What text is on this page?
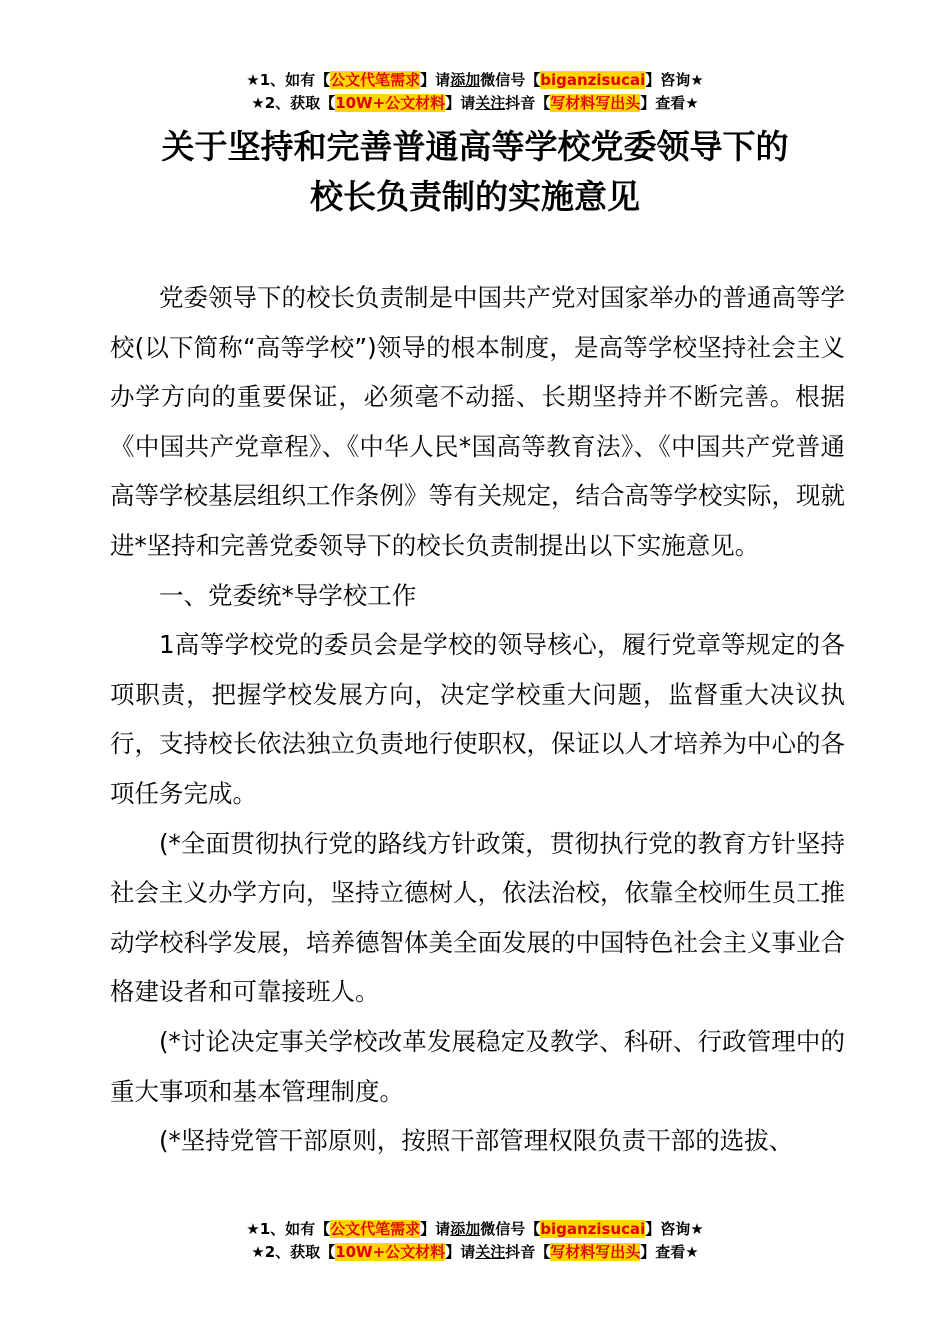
★1、如有【公文代笔需求】请添加微信号【biganzisucai】咨询★
★2、获取【10W+公文材料】请关注抖音【写材料写出头】查看★
关于坚持和完善普通高等学校党委领导下的
校长负责制的实施意见

党委领导下的校长负责制是中国共产党对国家举办的普通高等学校(以下简称“高等学校”)领导的根本制度，是高等学校坚持社会主义办学方向的重要保证，必须毫不动摇、长期坚持并不断完善。根据《中国共产党章程》、《中华人民*国高等教育法》、《中国共产党普通高等学校基层组织工作条例》等有关规定，结合高等学校实际，现就进*坚持和完善党委领导下的校长负责制提出以下实施意见。

一、党委统*导学校工作

1高等学校党的委员会是学校的领导核心，履行党章等规定的各项职责，把握学校发展方向，决定学校重大问题，监督重大决议执行，支持校长依法独立负责地行使职权，保证以人才培养为中心的各项任务完成。

(*全面贯彻执行党的路线方针政策，贯彻执行党的教育方针坚持社会主义办学方向，坚持立德树人，依法治校，依靠全校师生员工推动学校科学发展，培养德智体美全面发展的中国特色社会主义事业合格建设者和可靠接班人。

(*讨论决定事关学校改革发展稳定及教学、科研、行政管理中的重大事项和基本管理制度。

(*坚持党管干部原则，按照干部管理权限负责干部的选拔、

★1、如有【公文代笔需求】请添加微信号【biganzisucai】咨询★
★2、获取【10W+公文材料】请关注抖音【写材料写出头】查看★
